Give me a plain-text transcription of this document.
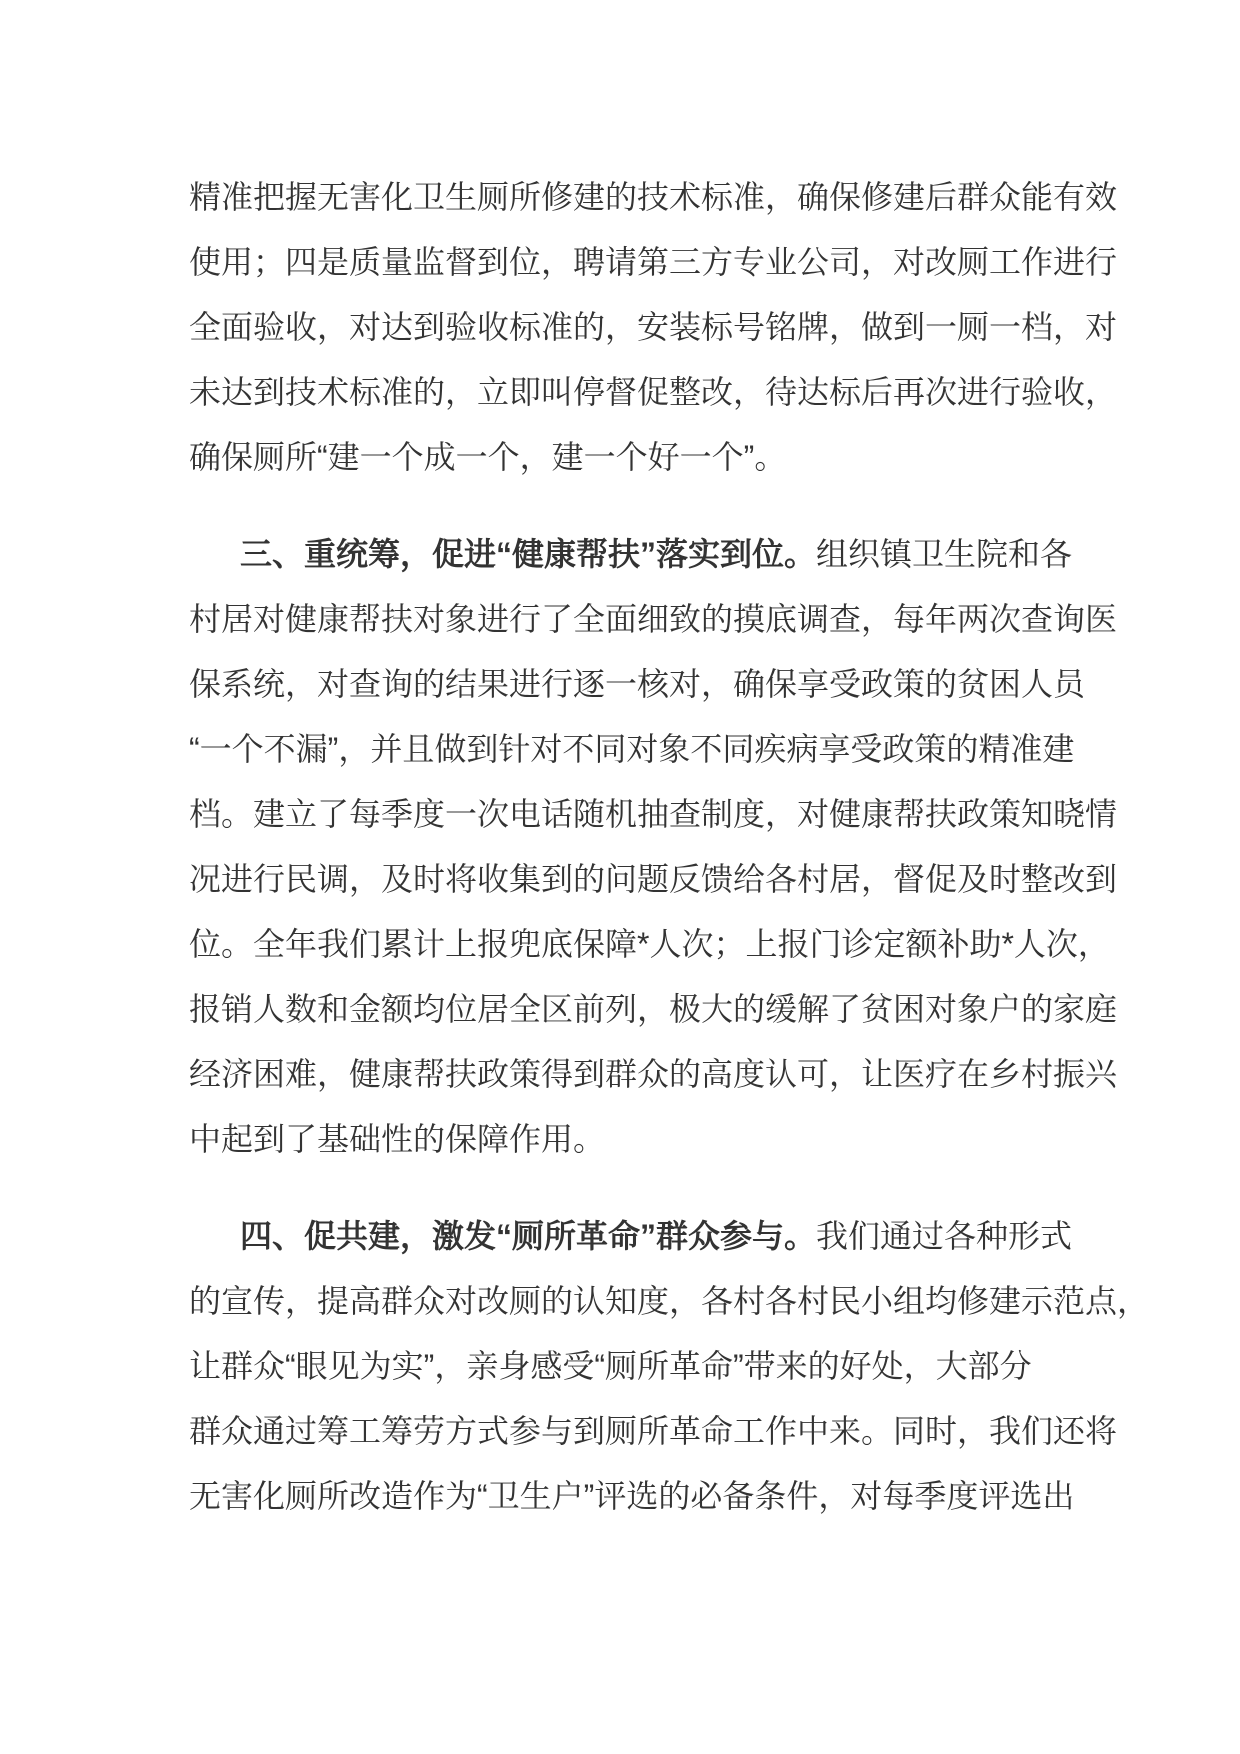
精准把握无害化卫生厕所修建的技术标准，确保修建后群众能有效
使用；四是质量监督到位，聘请第三方专业公司，对改厕工作进行
全面验收，对达到验收标准的，安装标号铭牌，做到一厕一档，对
未达到技术标准的，立即叫停督促整改，待达标后再次进行验收，
确保厕所“建一个成一个，建一个好一个”。
三、重统筹，促进“健康帮扶”落实到位。组织镇卫生院和各
村居对健康帮扶对象进行了全面细致的摸底调查，每年两次查询医
保系统，对查询的结果进行逐一核对，确保享受政策的贫困人员
“一个不漏”，并且做到针对不同对象不同疾病享受政策的精准建
档。建立了每季度一次电话随机抽查制度，对健康帮扶政策知晓情
况进行民调，及时将收集到的问题反馈给各村居，督促及时整改到
位。全年我们累计上报兜底保障*人次；上报门诊定额补助*人次，
报销人数和金额均位居全区前列，极大的缓解了贫困对象户的家庭
经济困难，健康帮扶政策得到群众的高度认可，让医疗在乡村振兴
中起到了基础性的保障作用。
四、促共建，激发“厕所革命”群众参与。我们通过各种形式
的宣传，提高群众对改厕的认知度，各村各村民小组均修建示范点，
让群众“眼见为实”，亲身感受“厕所革命”带来的好处，大部分
群众通过筹工筹劳方式参与到厕所革命工作中来。同时，我们还将
无害化厕所改造作为“卫生户”评选的必备条件，对每季度评选出
